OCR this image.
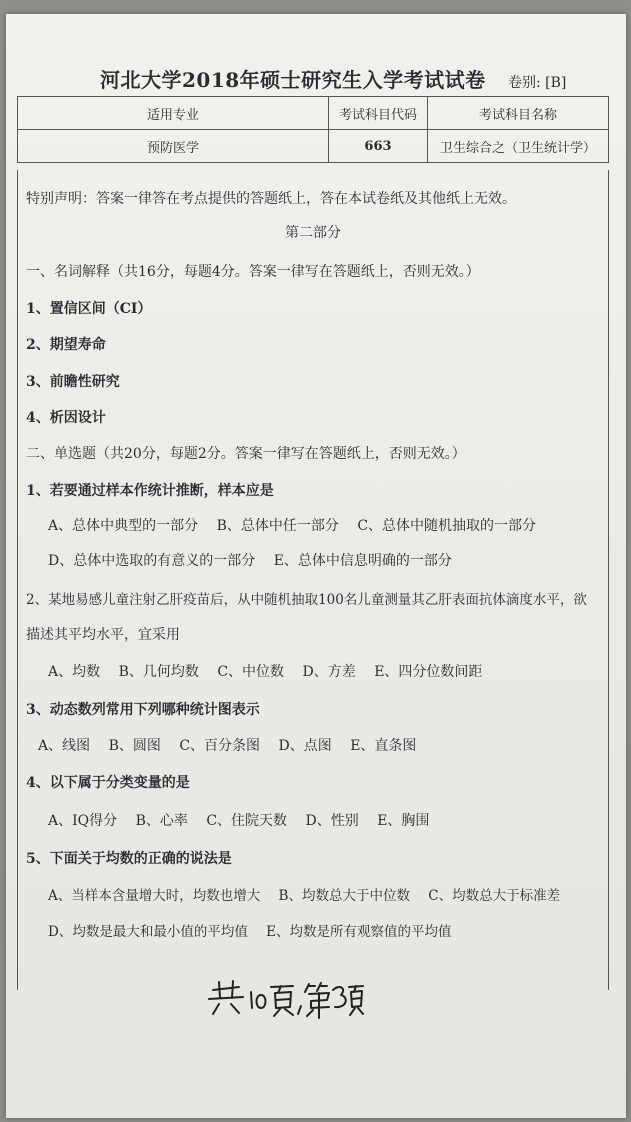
河北大学2018年硕士研究生入学考试试卷 卷别: [B]
适用专业	考试科目代码	考试科目名称
预防医学	663	卫生综合之（卫生统计学）
特别声明：答案一律答在考点提供的答题纸上，答在本试卷纸及其他纸上无效。
第二部分
一、名词解释（共16分，每题4分。答案一律写在答题纸上，否则无效。）
1、置信区间（CI）
2、期望寿命
3、前瞻性研究
4、析因设计
二、单选题（共20分，每题2分。答案一律写在答题纸上，否则无效。）
1、若要通过样本作统计推断，样本应是
A、总体中典型的一部分 B、总体中任一部分 C、总体中随机抽取的一部分
D、总体中选取的有意义的一部分 E、总体中信息明确的一部分
2、某地易感儿童注射乙肝疫苗后，从中随机抽取100名儿童测量其乙肝表面抗体滴度水平，欲
描述其平均水平，宜采用
A、均数 B、几何均数 C、中位数 D、方差 E、四分位数间距
3、动态数列常用下列哪种统计图表示
A、线图 B、圆图 C、百分条图 D、点图 E、直条图
4、以下属于分类变量的是
A、IQ得分 B、心率 C、住院天数 D、性别 E、胸围
5、下面关于均数的正确的说法是
A、当样本含量增大时，均数也增大 B、均数总大于中位数 C、均数总大于标准差
D、均数是最大和最小值的平均值 E、均数是所有观察值的平均值
